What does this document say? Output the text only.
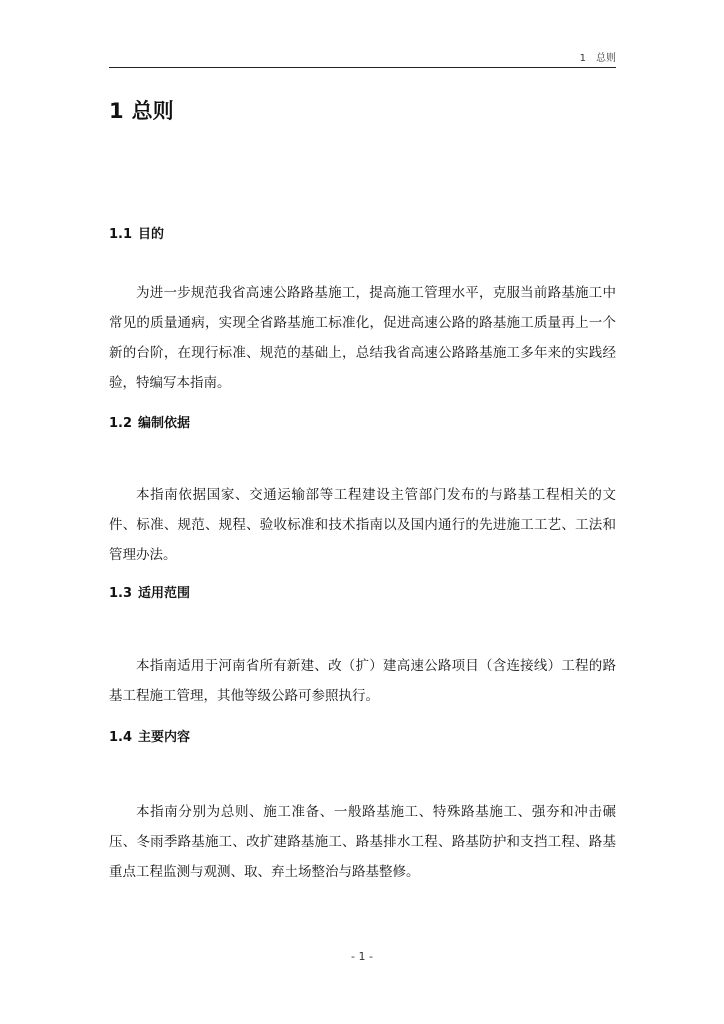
1 总则
1 总则
1.1 目的

为进一步规范我省高速公路路基施工，提高施工管理水平，克服当前路基施工中常见的质量通病，实现全省路基施工标准化，促进高速公路的路基施工质量再上一个新的台阶，在现行标准、规范的基础上，总结我省高速公路路基施工多年来的实践经验，特编写本指南。

1.2 编制依据

本指南依据国家、交通运输部等工程建设主管部门发布的与路基工程相关的文件、标准、规范、规程、验收标准和技术指南以及国内通行的先进施工工艺、工法和管理办法。

1.3 适用范围

本指南适用于河南省所有新建、改（扩）建高速公路项目（含连接线）工程的路基工程施工管理，其他等级公路可参照执行。

1.4 主要内容

本指南分别为总则、施工准备、一般路基施工、特殊路基施工、强夯和冲击碾压、冬雨季路基施工、改扩建路基施工、路基排水工程、路基防护和支挡工程、路基重点工程监测与观测、取、弃土场整治与路基整修。

- 1 -
